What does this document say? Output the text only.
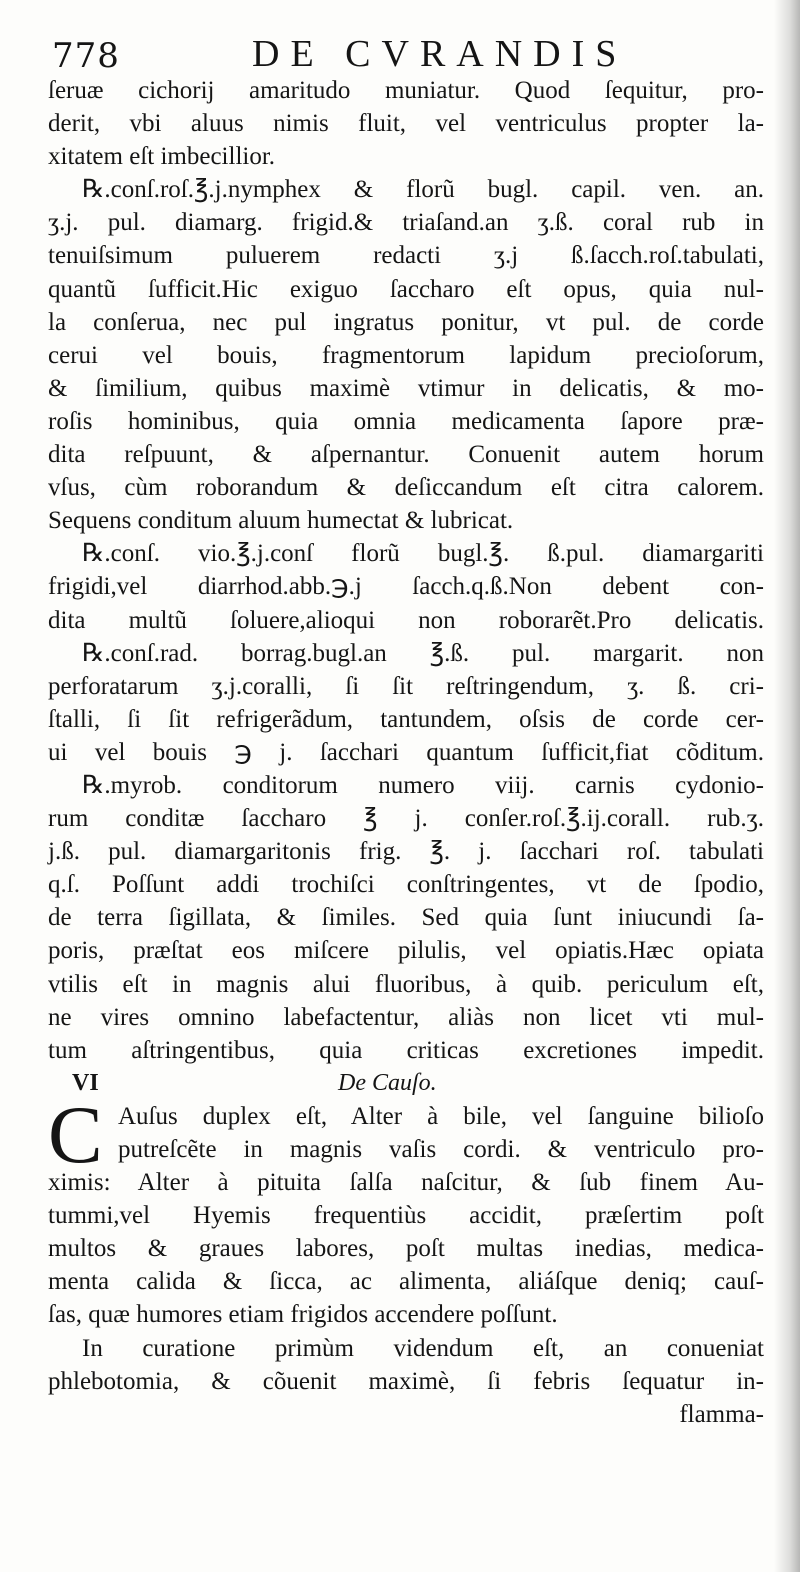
778	DE CVRANDIS
ſeruæ cichorij amaritudo muniatur. Quod ſequitur, pro-
derit, vbi aluus nimis fluit, vel ventriculus propter la-
xitatem eſt imbecillior.
℞.conſ.roſ.℥.j.nymphex & florũ bugl. capil. ven. an.
ʒ.j. pul. diamarg. frigid.& triaſand.an ʒ.ß. coral rub in
tenuiſsimum puluerem redacti ʒ.j ß.ſacch.roſ.tabulati,
quantũ ſufficit.Hic exiguo ſaccharo eſt opus, quia nul-
la conſerua, nec pul ingratus ponitur, vt pul. de corde
cerui vel bouis, fragmentorum lapidum precioſorum,
& ſimilium, quibus maximè vtimur in delicatis, & mo-
roſis hominibus, quia omnia medicamenta ſapore præ-
dita reſpuunt, & aſpernantur. Conuenit autem horum
vſus, cùm roborandum & deſiccandum eſt citra calorem.
Sequens conditum aluum humectat & lubricat.
℞.conſ. vio.℥.j.conſ florũ bugl.℥. ß.pul. diamargariti
frigidi,vel diarrhod.abb.℈.j ſacch.q.ß.Non debent con-
dita multũ ſoluere,alioqui non roborarẽt.Pro delicatis.
℞.conſ.rad. borrag.bugl.an ℥.ß. pul. margarit. non
perforatarum ʒ.j.coralli, ſi ſit reſtringendum, ʒ. ß. cri-
ſtalli, ſi ſit refrigerãdum, tantundem, oſsis de corde cer-
ui vel bouis ℈ j. ſacchari quantum ſufficit,fiat cõditum.
℞.myrob. conditorum numero viij. carnis cydonio-
rum conditæ ſaccharo ℥ j. conſer.roſ.℥.ij.corall. rub.ʒ.
j.ß. pul. diamargaritonis frig. ℥. j. ſacchari roſ. tabulati
q.ſ. Poſſunt addi trochiſci conſtringentes, vt de ſpodio,
de terra ſigillata, & ſimiles. Sed quia ſunt iniucundi ſa-
poris, præſtat eos miſcere pilulis, vel opiatis.Hæc opiata
vtilis eſt in magnis alui fluoribus, à quib. periculum eſt,
ne vires omnino labefactentur, aliàs non licet vti mul-
tum aſtringentibus, quia criticas excretiones impedit.
VI	De Cauſo.
C Auſus duplex eſt, Alter à bile, vel ſanguine bilioſo
putreſcẽte in magnis vaſis cordi. & ventriculo pro-
ximis: Alter à pituita ſalſa naſcitur, & ſub finem Au-
tummi,vel Hyemis frequentiùs accidit, præſertim poſt
multos & graues labores, poſt multas inedias, medica-
menta calida & ſicca, ac alimenta, aliáſque deniq; cauſ-
ſas, quæ humores etiam frigidos accendere poſſunt.
In curatione primùm videndum eſt, an conueniat
phlebotomia, & cõuenit maximè, ſi febris ſequatur in-
flamma-
